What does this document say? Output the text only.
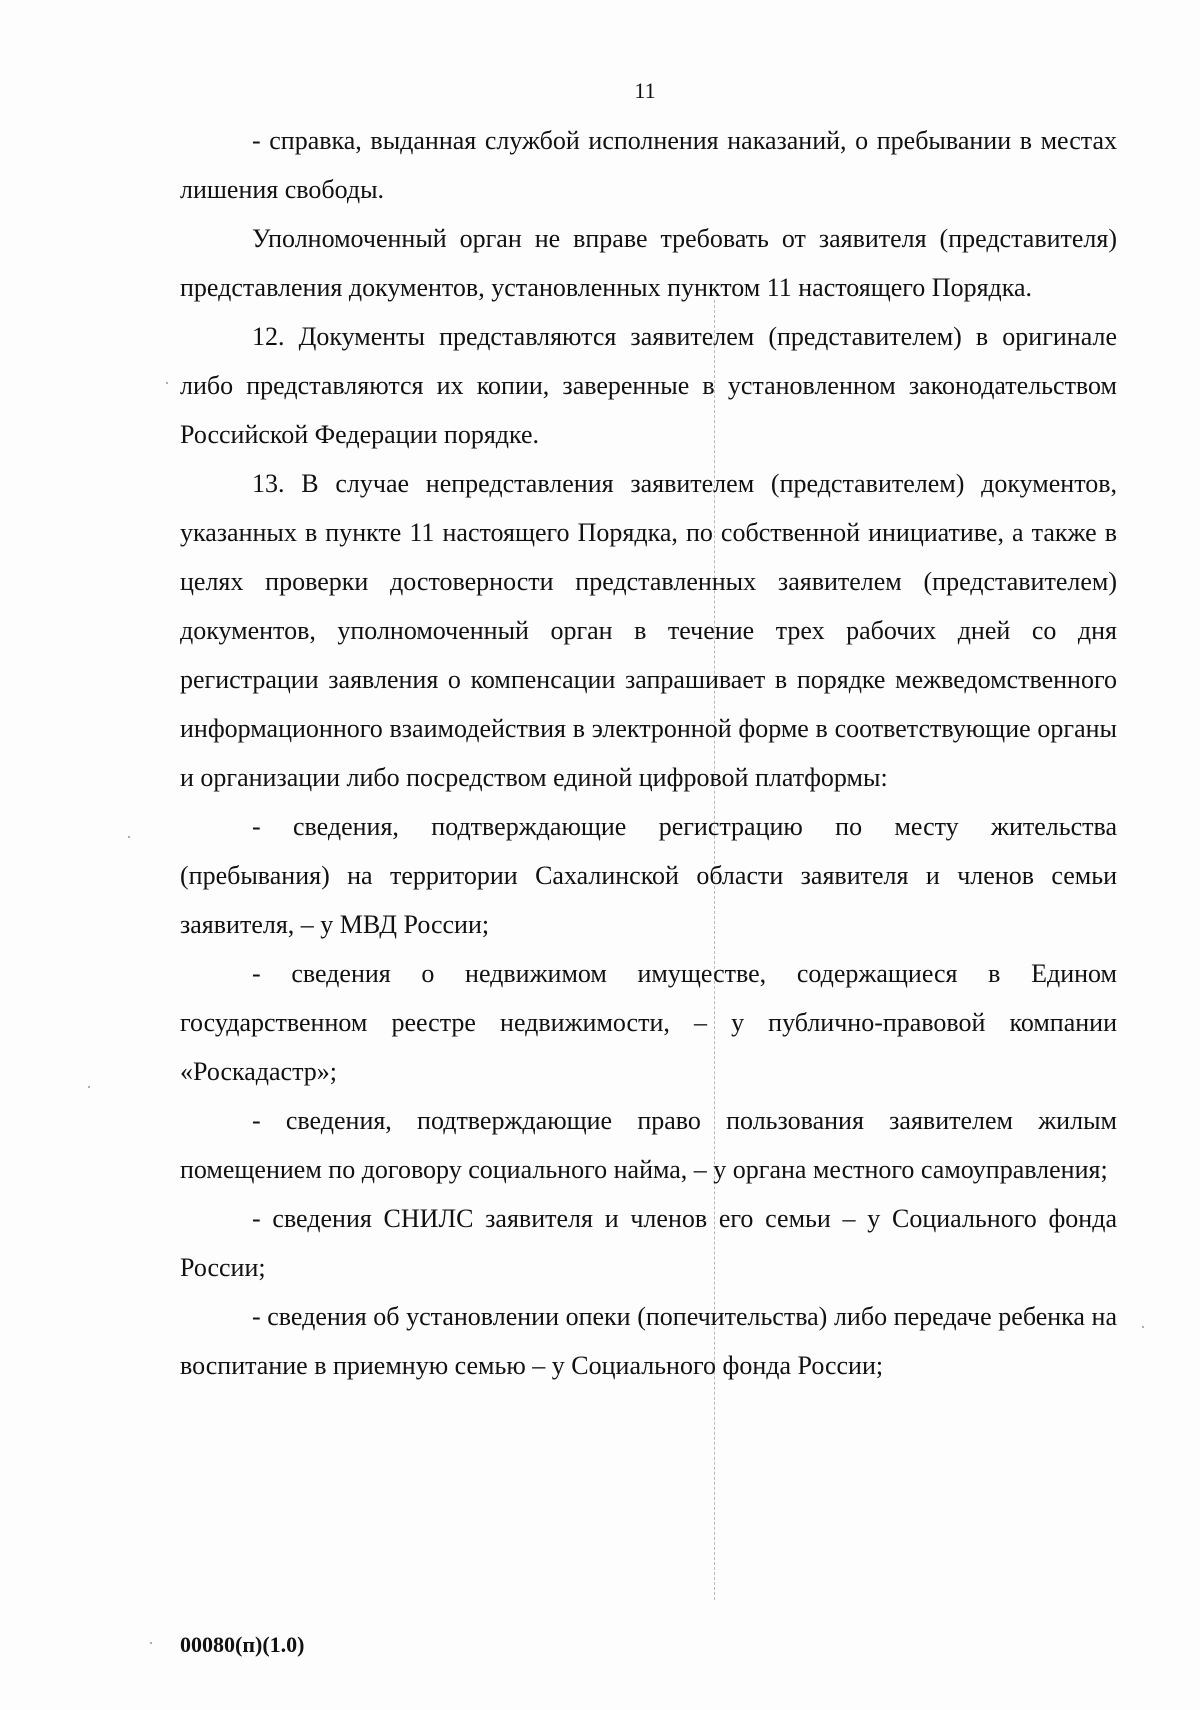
11

- справка, выданная службой исполнения наказаний, о пребывании в местах лишения свободы.

Уполномоченный орган не вправе требовать от заявителя (представителя) представления документов, установленных пунктом 11 настоящего Порядка.

12. Документы представляются заявителем (представителем) в оригинале либо представляются их копии, заверенные в установленном законодательством Российской Федерации порядке.

13. В случае непредставления заявителем (представителем) документов, указанных в пункте 11 настоящего Порядка, по собственной инициативе, а также в целях проверки достоверности представленных заявителем (представителем) документов, уполномоченный орган в течение трех рабочих дней со дня регистрации заявления о компенсации запрашивает в порядке межведомственного информационного взаимодействия в электронной форме в соответствующие органы и организации либо посредством единой цифровой платформы:

- сведения, подтверждающие регистрацию по месту жительства (пребывания) на территории Сахалинской области заявителя и членов семьи заявителя, – у МВД России;

- сведения о недвижимом имуществе, содержащиеся в Едином государственном реестре недвижимости, – у публично-правовой компании «Роскадастр»;

- сведения, подтверждающие право пользования заявителем жилым помещением по договору социального найма, – у органа местного самоуправления;

- сведения СНИЛС заявителя и членов его семьи – у Социального фонда России;

- сведения об установлении опеки (попечительства) либо передаче ребенка на воспитание в приемную семью – у Социального фонда России;

00080(п)(1.0)
